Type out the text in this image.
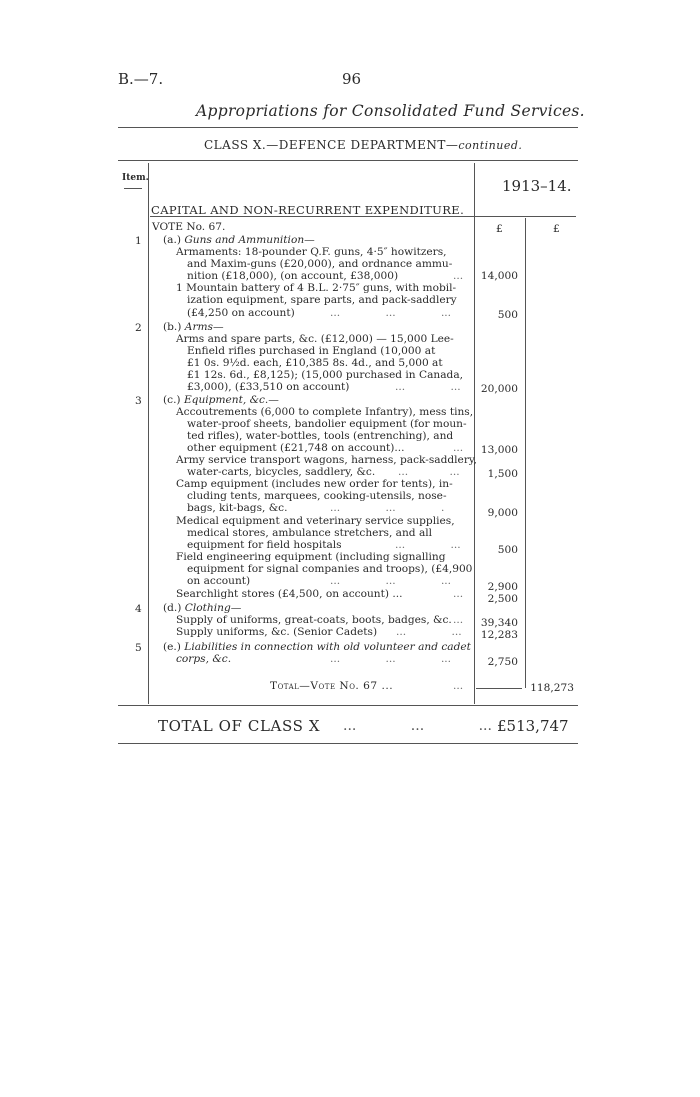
B.—7.	96
Appropriations for Consolidated Fund Services.
CLASS X.—DEFENCE DEPARTMENT—continued.
Item.	1913–14.
CAPITAL AND NON-RECURRENT EXPENDITURE.
VOTE No. 67.	£	£
1 (a.) Guns and Ammunition—
Armaments: 18-pounder Q.F. guns, 4·5″ howitzers,
and Maxim-guns (£20,000), and ordnance ammu-
nition (£18,000), (on account, £38,000)	... 14,000
1 Mountain battery of 4 B.L. 2·75″ guns, with mobil-
ization equipment, spare parts, and pack-saddlery
(£4,250 on account)	... ... ...	500
2 (b.) Arms—
Arms and spare parts, &c. (£12,000) — 15,000 Lee-
Enfield rifles purchased in England (10,000 at
£1 0s. 9½d. each, £10,385 8s. 4d., and 5,000 at
£1 12s. 6d., £8,125); (15,000 purchased in Canada,
£3,000), (£33,510 on account)	... ... 20,000
3 (c.) Equipment, &c.—
Accoutrements (6,000 to complete Infantry), mess tins,
water-proof sheets, bandolier equipment (for moun-
ted rifles), water-bottles, tools (entrenching), and
other equipment (£21,748 on account)...	... 13,000
Army service transport wagons, harness, pack-saddlery,
water-carts, bicycles, saddlery, &c. ... ...	1,500
Camp equipment (includes new order for tents), in-
cluding tents, marquees, cooking-utensils, nose-
bags, kit-bags, &c.	... ... .	9,000
Medical equipment and veterinary service supplies,
medical stores, ambulance stretchers, and all
equipment for field hospitals	... ...	500
Field engineering equipment (including signalling
equipment for signal companies and troops), (£4,900
on account)	... ... ...	2,900
Searchlight stores (£4,500, on account) ...	...	2,500
4 (d.) Clothing—
Supply of uniforms, great-coats, boots, badges, &c. ... 39,340
Supply uniforms, &c. (Senior Cadets) ... ... 12,283
5 (e.) Liabilities in connection with old volunteer and cadet
corps, &c.	... ... ...	2,750
Total—Vote No. 67 ...	...	118,273
TOTAL OF CLASS X ... ... ... £513,747
